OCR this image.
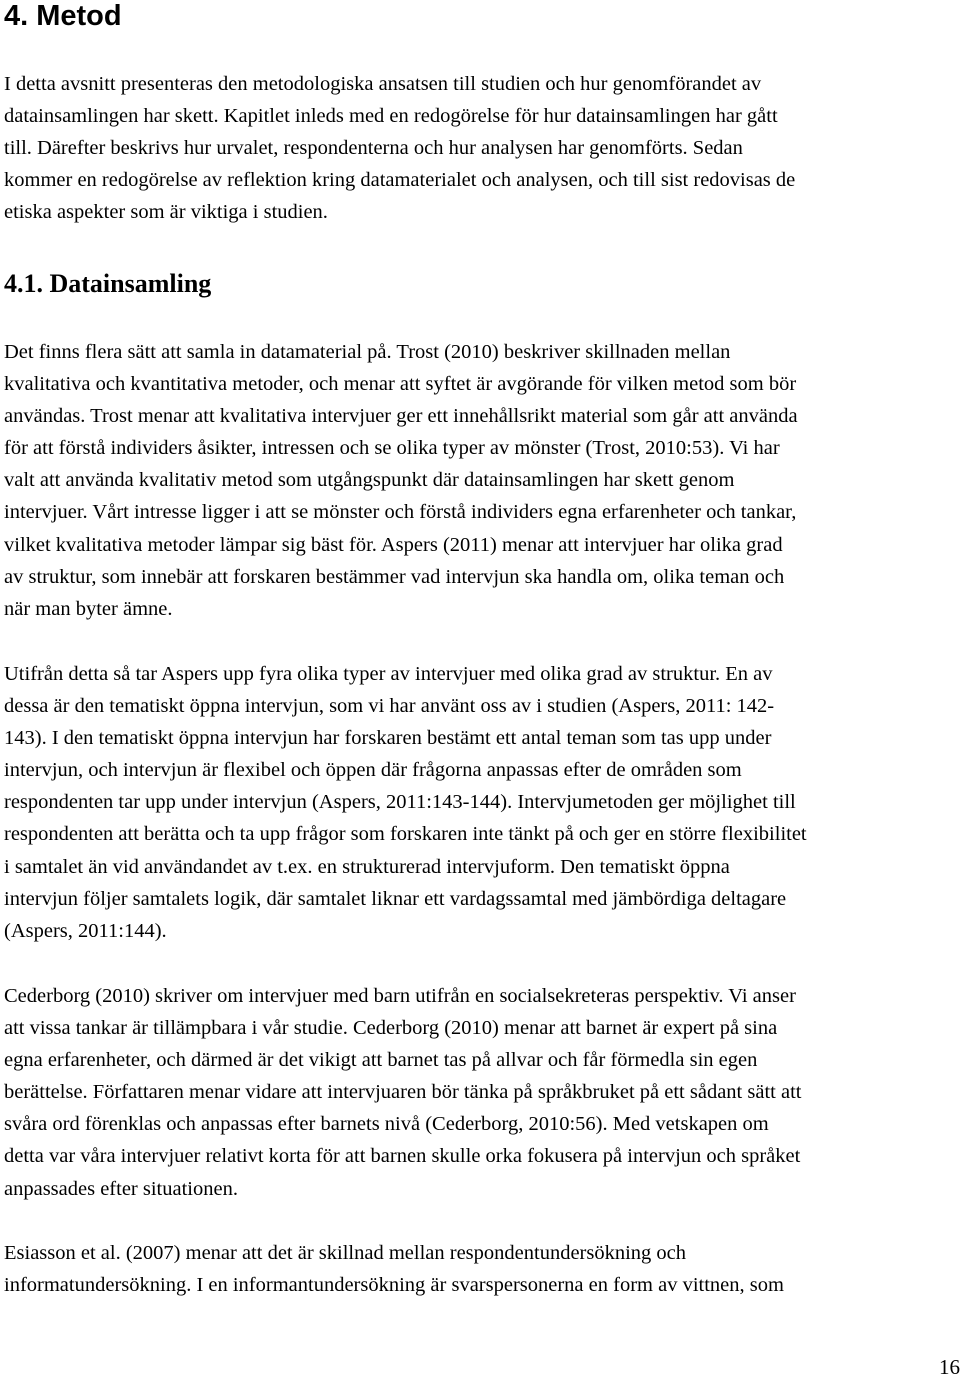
4. Metod

I detta avsnitt presenteras den metodologiska ansatsen till studien och hur genomförandet av
datainsamlingen har skett. Kapitlet inleds med en redogörelse för hur datainsamlingen har gått
till. Därefter beskrivs hur urvalet, respondenterna och hur analysen har genomförts. Sedan
kommer en redogörelse av reflektion kring datamaterialet och analysen, och till sist redovisas de
etiska aspekter som är viktiga i studien.

4.1. Datainsamling

Det finns flera sätt att samla in datamaterial på. Trost (2010) beskriver skillnaden mellan
kvalitativa och kvantitativa metoder, och menar att syftet är avgörande för vilken metod som bör
användas. Trost menar att kvalitativa intervjuer ger ett innehållsrikt material som går att använda
för att förstå individers åsikter, intressen och se olika typer av mönster (Trost, 2010:53). Vi har
valt att använda kvalitativ metod som utgångspunkt där datainsamlingen har skett genom
intervjuer. Vårt intresse ligger i att se mönster och förstå individers egna erfarenheter och tankar,
vilket kvalitativa metoder lämpar sig bäst för. Aspers (2011) menar att intervjuer har olika grad
av struktur, som innebär att forskaren bestämmer vad intervjun ska handla om, olika teman och
när man byter ämne.

Utifrån detta så tar Aspers upp fyra olika typer av intervjuer med olika grad av struktur. En av
dessa är den tematiskt öppna intervjun, som vi har använt oss av i studien (Aspers, 2011: 142-
143). I den tematiskt öppna intervjun har forskaren bestämt ett antal teman som tas upp under
intervjun, och intervjun är flexibel och öppen där frågorna anpassas efter de områden som
respondenten tar upp under intervjun (Aspers, 2011:143-144). Intervjumetoden ger möjlighet till
respondenten att berätta och ta upp frågor som forskaren inte tänkt på och ger en större flexibilitet
i samtalet än vid användandet av t.ex. en strukturerad intervjuform. Den tematiskt öppna
intervjun följer samtalets logik, där samtalet liknar ett vardagssamtal med jämbördiga deltagare
(Aspers, 2011:144).

Cederborg (2010) skriver om intervjuer med barn utifrån en socialsekreteras perspektiv. Vi anser
att vissa tankar är tillämpbara i vår studie. Cederborg (2010) menar att barnet är expert på sina
egna erfarenheter, och därmed är det vikigt att barnet tas på allvar och får förmedla sin egen
berättelse. Författaren menar vidare att intervjuaren bör tänka på språkbruket på ett sådant sätt att
svåra ord förenklas och anpassas efter barnets nivå (Cederborg, 2010:56). Med vetskapen om
detta var våra intervjuer relativt korta för att barnen skulle orka fokusera på intervjun och språket
anpassades efter situationen.

Esiasson et al. (2007) menar att det är skillnad mellan respondentundersökning och
informatundersökning. I en informantundersökning är svarspersonerna en form av vittnen, som

16
